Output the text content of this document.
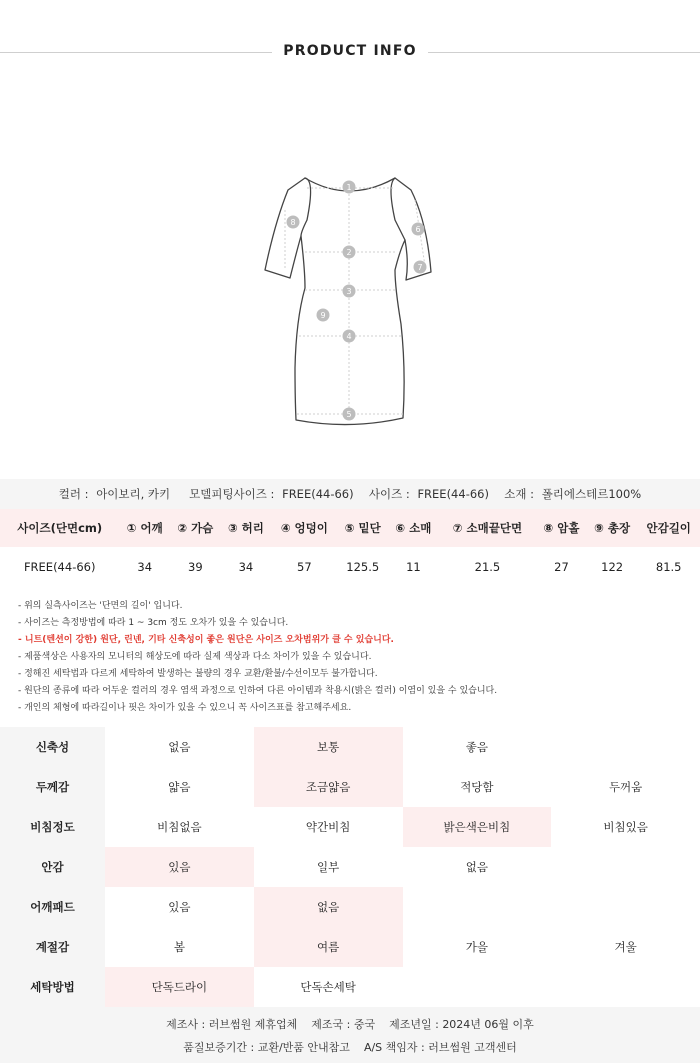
PRODUCT INFO
1
2
3
4
5
6
7
8
9
컬러 : 아이보리, 카키
모델피팅사이즈 : FREE(44-66)
사이즈 : FREE(44-66)
소재 : 폴리에스테르100%
사이즈(단면cm)	① 어깨	② 가슴	③ 허리	④ 엉덩이	⑤ 밑단	⑥ 소매	⑦ 소매끝단면	⑧ 암홀	⑨ 총장	안감길이
FREE(44-66)	34	39	34	57	125.5	11	21.5	27	122	81.5
- 위의 실측사이즈는 '단면의 길이' 입니다.
- 사이즈는 측정방법에 따라 1 ~ 3cm 정도 오차가 있을 수 있습니다.
- 니트(텐션이 강한) 원단, 린넨, 기타 신축성이 좋은 원단은 사이즈 오차범위가 클 수 있습니다.
- 제품색상은 사용자의 모니터의 해상도에 따라 실제 색상과 다소 차이가 있을 수 있습니다.
- 정해진 세탁법과 다르게 세탁하여 발생하는 불량의 경우 교환/환불/수선이모두 불가합니다.
- 원단의 종류에 따라 어두운 컬러의 경우 염색 과정으로 인하여 다른 아이템과 착용시(밝은 컬러) 이염이 있을 수 있습니다.
- 개인의 체형에 따라길이나 핏은 차이가 있을 수 있으니 꼭 사이즈표를 참고해주세요.
신축성	없음	보통	좋음	
두께감	얇음	조금얇음	적당함	두꺼움
비침정도	비침없음	약간비침	밝은색은비침	비침있음
안감	있음	일부	없음	
어깨패드	있음	없음		
계절감	봄	여름	가을	겨울
세탁방법	단독드라이	단독손세탁		
제조사 : 러브썸원 제휴업체 제조국 : 중국 제조년일 : 2024년 06월 이후
품질보증기간 : 교환/반품 안내참고 A/S 책임자 : 러브썸원 고객센터
